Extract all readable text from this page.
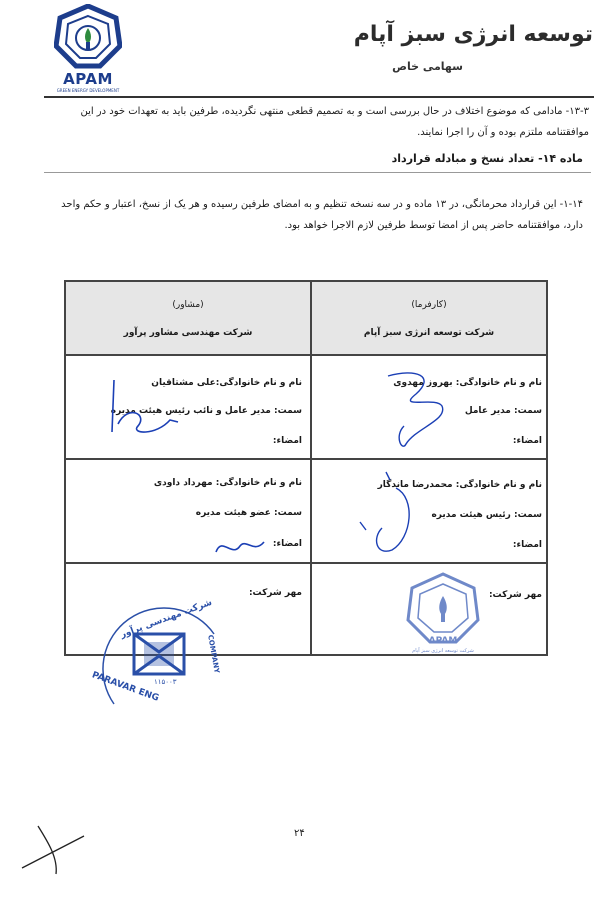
APAM
GREEN ENERGY DEVELOPMENT
توسعه انرژی سبز آپام
سهامی خاص
۱۳-۳- مادامی که موضوع اختلاف در حال بررسی است و به تصمیم قطعی منتهی نگردیده، طرفین باید به تعهدات خود در این
موافقتنامه ملتزم بوده و آن را اجرا نمایند.
ماده ۱۴- تعداد نسخ و مبادله قرارداد
۱-۱۴- این قرارداد محرمانگی، در ۱۳ ماده و در سه نسخه تنظیم و به امضای طرفین رسیده و هر یک از نسخ، اعتبار و حکم واحد
دارد، موافقتنامه حاضر پس از امضا توسط طرفین لازم الاجرا خواهد بود.
(کارفرما)
شرکت توسعه انرژی سبز آپام
(مشاور)
شرکت مهندسی مشاور پرآور
نام و نام خانوادگی: بهروز مهدوی
سمت: مدیر عامل
امضاء:
نام و نام خانوادگی:علی مشتاقیان
سمت: مدیر عامل و نائب رئیس هیئت مدیره
امضاء:
نام و نام خانوادگی: محمدرضا ماندگار
سمت: رئیس هیئت مدیره
امضاء:
نام و نام خانوادگی: مهرداد داودی
سمت: عضو هیئت مدیره
امضاء:
مهر شرکت:
مهر شرکت:
APAM
شرکت توسعه انرژی سبز آپام
شرکت مهندسی پرآور
PARAVAR ENG
COMPANY
۱۱۵۰۰۳
۲۴
